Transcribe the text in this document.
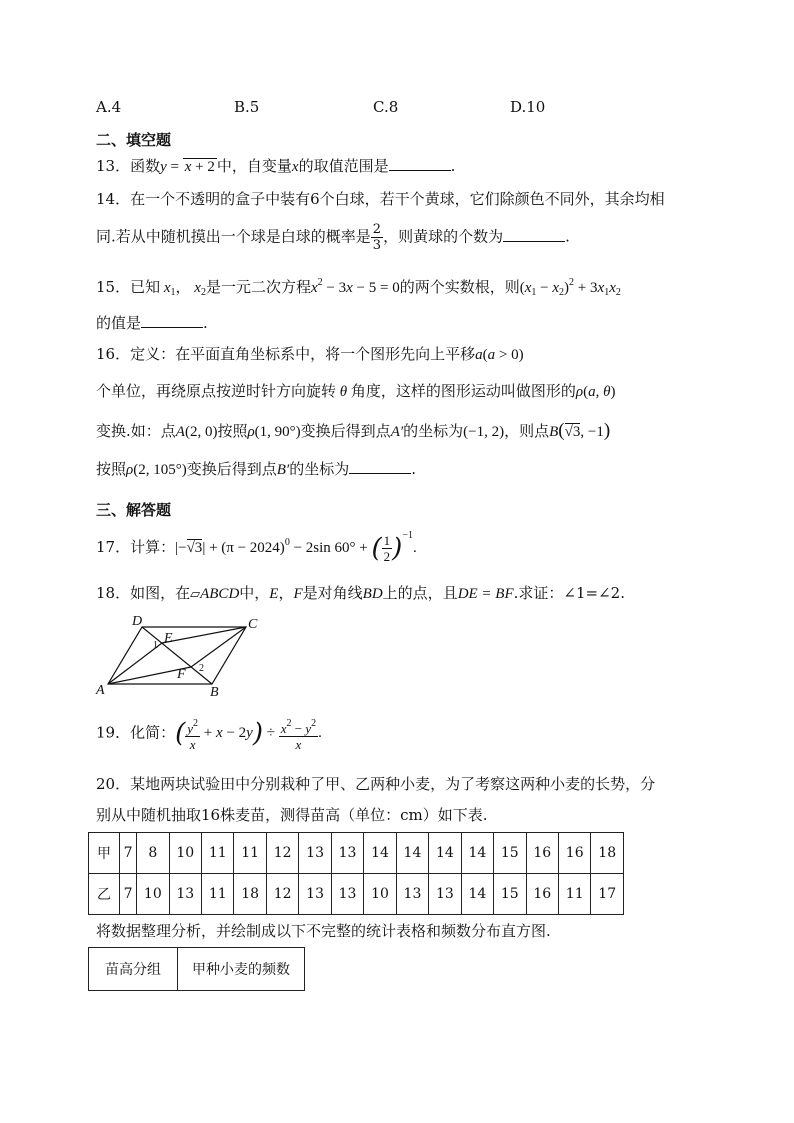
A.4	B.5	C.8	D.10
二、填空题
13．函数y = x + 2 中，自变量x的取值范围是	.
14．在一个不透明的盒子中装有6个白球，若干个黄球，它们除颜色不同外，其余均相
同.若从中随机摸出一个球是白球的概率是 $\frac{2}{3}$ ，则黄球的个数为	.
15．已知 $x_1$， $x_2$是一元二次方程$x^2 - 3x - 5 = 0$的两个实数根，则$(x_1 - x_2)^2 + 3x_1x_2$
的值是	.
16．定义：在平面直角坐标系中，将一个图形先向上平移a(a > 0)
个单位，再绕原点按逆时针方向旋转 θ 角度，这样的图形运动叫做图形的ρ(a, θ)
变换.如：点A(2, 0)按照ρ(1, 90°)变换后得到点A′的坐标为(−1, 2)，则点B(√3, −1)
按照ρ(2, 105°)变换后得到点B′的坐标为	.
三、解答题
17．计算：$|-√3| + (\pi - 2024)^0 - 2\sin$ 60° + ( $\frac{1}{2} )^{-1}$.
18．如图，在▱ABCD中，E，F是对角线BD上的点，且DE = BF.求证：∠1=∠2.
D	C
A	B
E
F
1
2
19．化简：( $\frac{y^2}{x} + x - 2y) \div \frac{x^2 - y^2}{x}$ .
20．某地两块试验田中分别栽种了甲、乙两种小麦，为了考察这两种小麦的长势，分
别从中随机抽取16株麦苗，测得苗高（单位：cm）如下表.
甲	7	8	10	11	11	12	13	13	14	14	14	14	15	16	16	18
乙	7	10	13	11	18	12	13	13	10	13	13	14	15	16	11	17
将数据整理分析，并绘制成以下不完整的统计表格和频数分布直方图.
苗高分组	甲种小麦的频数
